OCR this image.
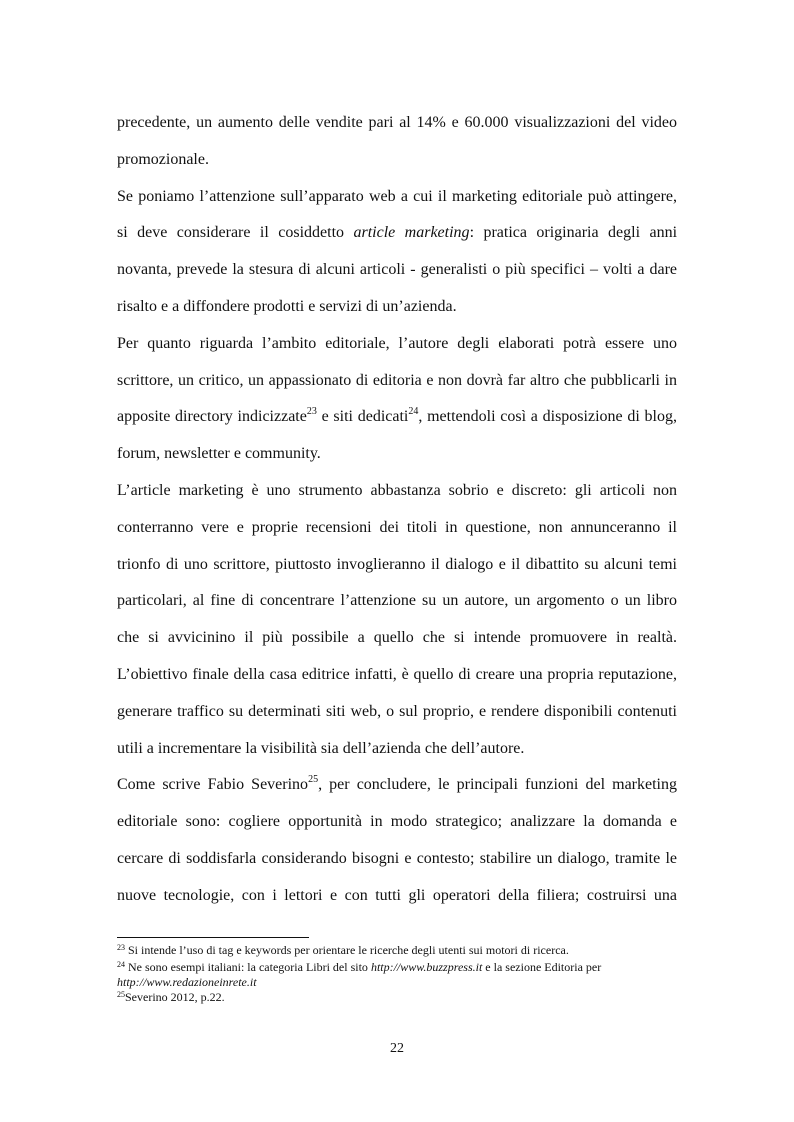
precedente, un aumento delle vendite pari al 14% e 60.000 visualizzazioni del video
promozionale.
Se poniamo l’attenzione sull’apparato web a cui il marketing editoriale può attingere,
si deve considerare il cosiddetto article marketing: pratica originaria degli anni
novanta, prevede la stesura di alcuni articoli - generalisti o più specifici – volti a dare
risalto e a diffondere prodotti e servizi di un’azienda.
Per quanto riguarda l’ambito editoriale, l’autore degli elaborati potrà essere uno
scrittore, un critico, un appassionato di editoria e non dovrà far altro che pubblicarli in
apposite directory indicizzate$^{23}$ e siti dedicati$^{24}$, mettendoli così a disposizione di blog,
forum, newsletter e community.
L’article marketing è uno strumento abbastanza sobrio e discreto: gli articoli non
conterranno vere e proprie recensioni dei titoli in questione, non annunceranno il
trionfo di uno scrittore, piuttosto invoglieranno il dialogo e il dibattito su alcuni temi
particolari, al fine di concentrare l’attenzione su un autore, un argomento o un libro
che si avvicinino il più possibile a quello che si intende promuovere in realtà.
L’obiettivo finale della casa editrice infatti, è quello di creare una propria reputazione,
generare traffico su determinati siti web, o sul proprio, e rendere disponibili contenuti
utili a incrementare la visibilità sia dell’azienda che dell’autore.
Come scrive Fabio Severino$^{25}$, per concludere, le principali funzioni del marketing
editoriale sono: cogliere opportunità in modo strategico; analizzare la domanda e
cercare di soddisfarla considerando bisogni e contesto; stabilire un dialogo, tramite le
nuove tecnologie, con i lettori e con tutti gli operatori della filiera; costruirsi una
$^{23}$ Si intende l’uso di tag e keywords per orientare le ricerche degli utenti sui motori di ricerca.
$^{24}$ Ne sono esempi italiani: la categoria Libri del sito http://www.buzzpress.it e la sezione Editoria per
http://www.redazioneinrete.it
$^{25}$Severino 2012, p.22.
22
